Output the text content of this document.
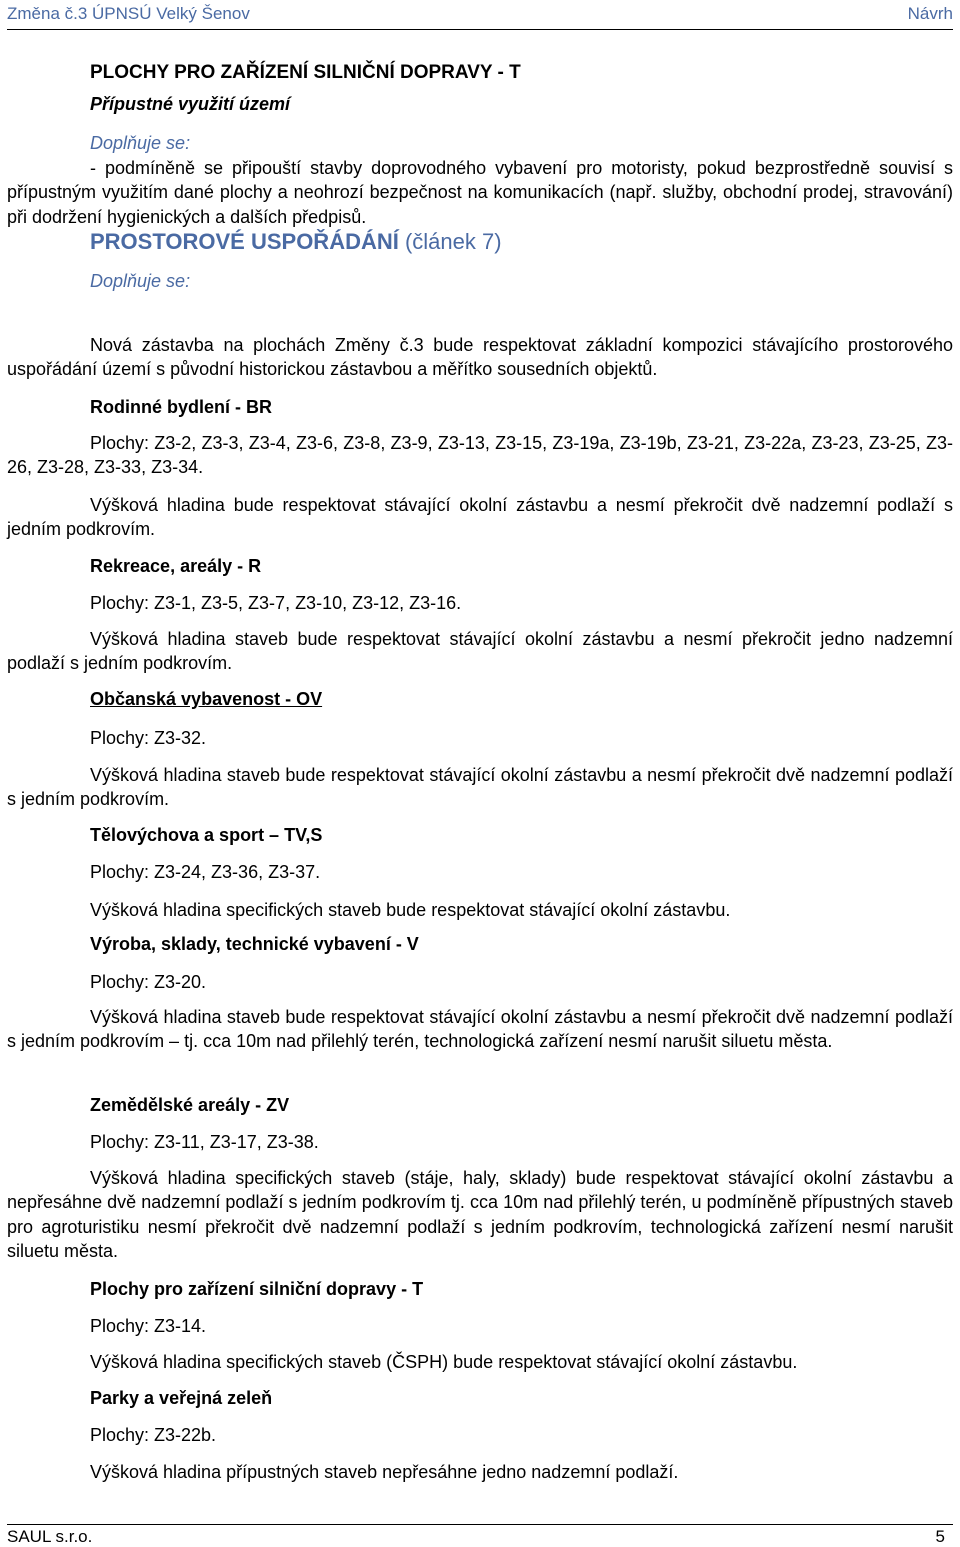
Změna č.3 ÚPNSÚ Velký Šenov	Návrh
PLOCHY PRO ZAŘÍZENÍ SILNIČNÍ DOPRAVY - T
Přípustné využití území
Doplňuje se:

- podmíněně se připouští stavby doprovodného vybavení pro motoristy, pokud bezprostředně souvisí s přípustným využitím dané plochy a neohrozí bezpečnost na komunikacích (např. služby, obchodní prodej, stravování) při dodržení hygienických a dalších předpisů.

PROSTOROVÉ USPOŘÁDÁNÍ (článek 7)
Doplňuje se:

Nová zástavba na plochách Změny č.3 bude respektovat základní kompozici stávajícího prostorového uspořádání území s původní historickou zástavbou a měřítko sousedních objektů.

Rodinné bydlení - BR

Plochy: Z3-2, Z3-3, Z3-4, Z3-6, Z3-8, Z3-9, Z3-13, Z3-15, Z3-19a, Z3-19b, Z3-21, Z3-22a, Z3-23, Z3-25, Z3-26, Z3-28, Z3-33, Z3-34.

Výšková hladina bude respektovat stávající okolní zástavbu a nesmí překročit dvě nadzemní podlaží s jedním podkrovím.

Rekreace, areály - R

Plochy: Z3-1, Z3-5, Z3-7, Z3-10, Z3-12, Z3-16.

Výšková hladina staveb bude respektovat stávající okolní zástavbu a nesmí překročit jedno nadzemní podlaží s jedním podkrovím.

Občanská vybavenost - OV

Plochy: Z3-32.

Výšková hladina staveb bude respektovat stávající okolní zástavbu a nesmí překročit dvě nadzemní podlaží s jedním podkrovím.

Tělovýchova a sport – TV,S

Plochy: Z3-24, Z3-36, Z3-37.

Výšková hladina specifických staveb bude respektovat stávající okolní zástavbu.

Výroba, sklady, technické vybavení - V

Plochy: Z3-20.

Výšková hladina staveb bude respektovat stávající okolní zástavbu a nesmí překročit dvě nadzemní podlaží s jedním podkrovím – tj. cca 10m nad přilehlý terén, technologická zařízení nesmí narušit siluetu města.

Zemědělské areály - ZV

Plochy: Z3-11, Z3-17, Z3-38.

Výšková hladina specifických staveb (stáje, haly, sklady) bude respektovat stávající okolní zástavbu a nepřesáhne dvě nadzemní podlaží s jedním podkrovím tj. cca 10m nad přilehlý terén, u podmíněně přípustných staveb pro agroturistiku nesmí překročit dvě nadzemní podlaží s jedním podkrovím, technologická zařízení nesmí narušit siluetu města.

Plochy pro zařízení silniční dopravy - T

Plochy: Z3-14.

Výšková hladina specifických staveb (ČSPH) bude respektovat stávající okolní zástavbu.

Parky a veřejná zeleň

Plochy: Z3-22b.

Výšková hladina přípustných staveb nepřesáhne jedno nadzemní podlaží.

SAUL s.r.o.	5
